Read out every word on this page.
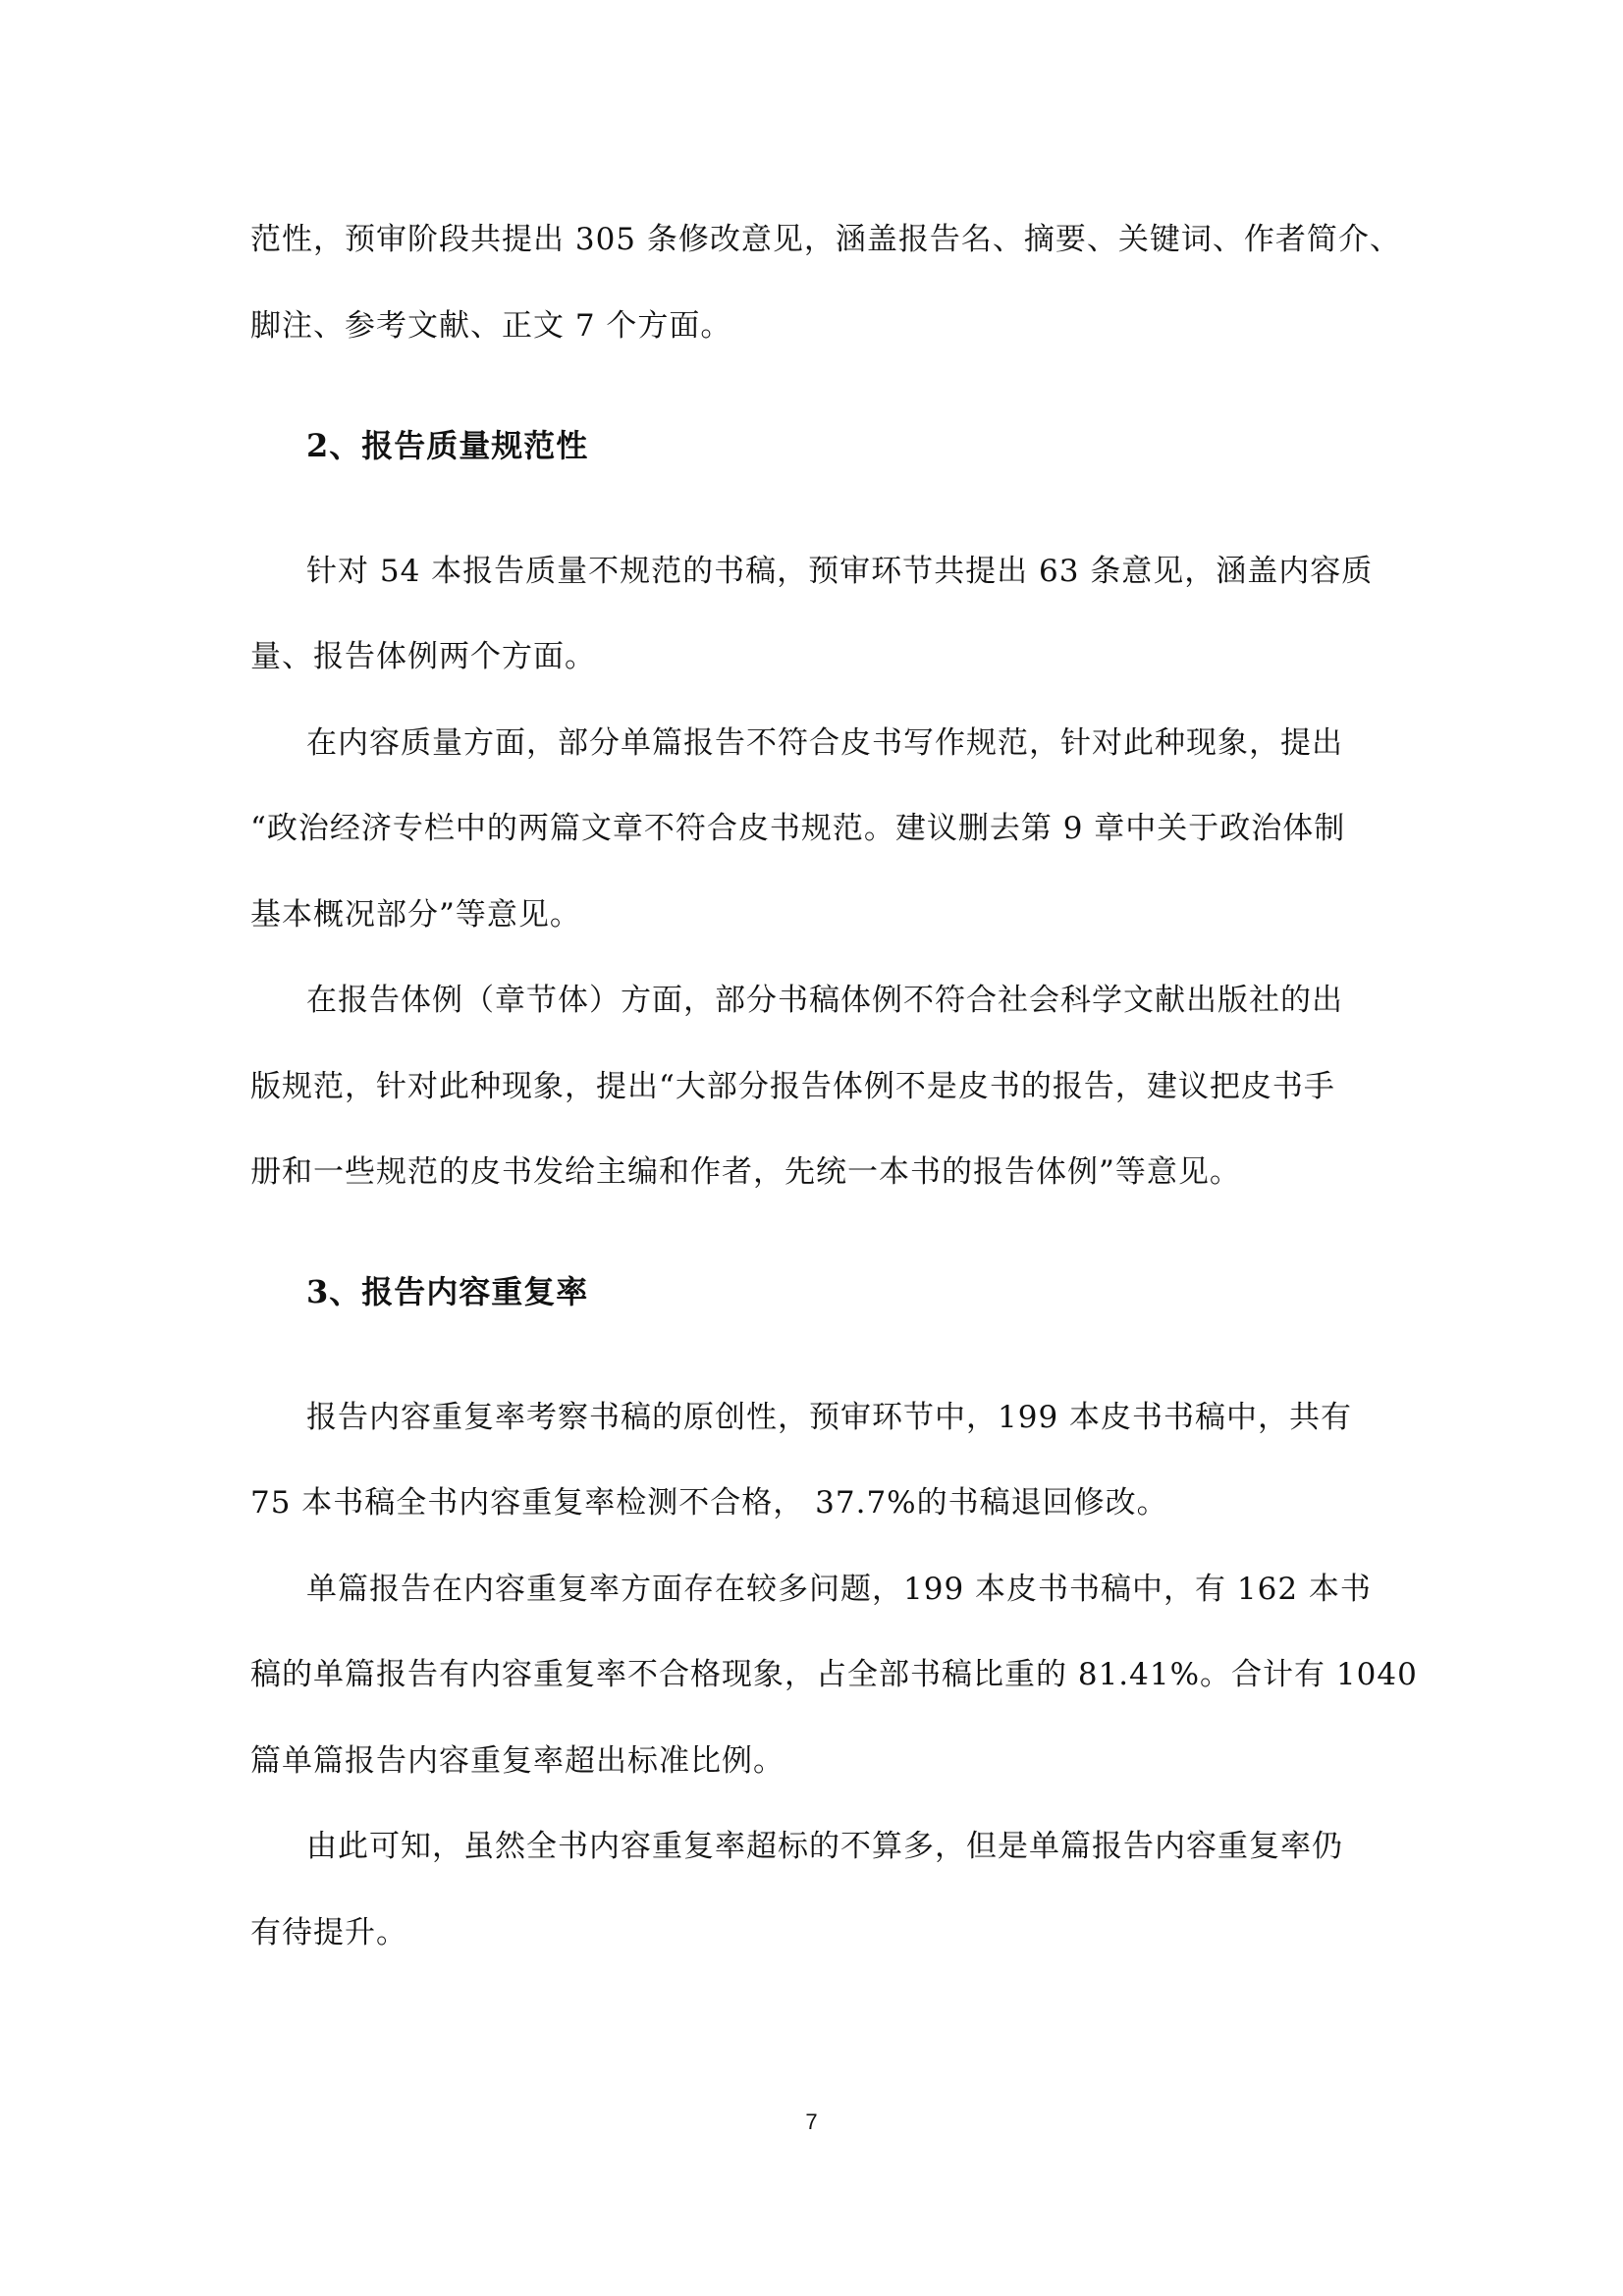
范性，预审阶段共提出 305 条修改意见，涵盖报告名、摘要、关键词、作者简介、
脚注、参考文献、正文 7 个方面。
2、报告质量规范性
针对 54 本报告质量不规范的书稿，预审环节共提出 63 条意见，涵盖内容质
量、报告体例两个方面。
在内容质量方面，部分单篇报告不符合皮书写作规范，针对此种现象，提出
“政治经济专栏中的两篇文章不符合皮书规范。建议删去第 9 章中关于政治体制
基本概况部分”等意见。
在报告体例（章节体）方面，部分书稿体例不符合社会科学文献出版社的出
版规范，针对此种现象，提出“大部分报告体例不是皮书的报告，建议把皮书手
册和一些规范的皮书发给主编和作者，先统一本书的报告体例”等意见。
3、报告内容重复率
报告内容重复率考察书稿的原创性，预审环节中，199 本皮书书稿中，共有
75 本书稿全书内容重复率检测不合格， 37.7%的书稿退回修改。
单篇报告在内容重复率方面存在较多问题，199 本皮书书稿中，有 162 本书
稿的单篇报告有内容重复率不合格现象，占全部书稿比重的 81.41%。合计有 1040
篇单篇报告内容重复率超出标准比例。
由此可知，虽然全书内容重复率超标的不算多，但是单篇报告内容重复率仍
有待提升。
7
